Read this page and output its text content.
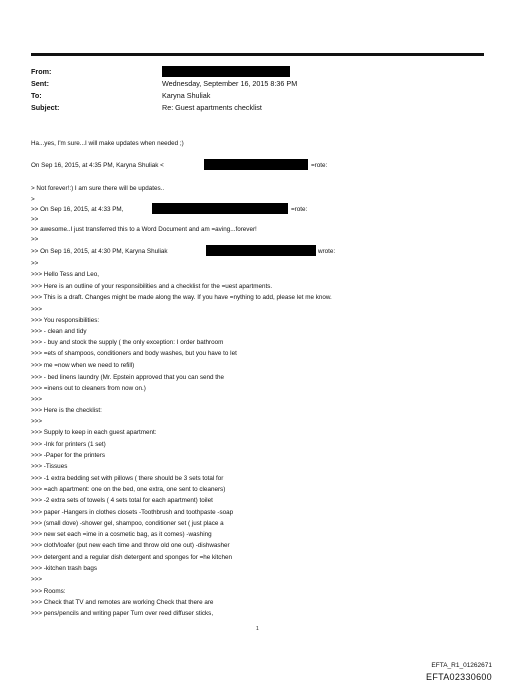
From:
Sent:	Wednesday, September 16, 2015 8:36 PM
To:	Karyna Shuliak
Subject:	Re: Guest apartments checklist
Ha...yes, I'm sure...I will make updates when needed ;)
On Sep 16, 2015, at 4:35 PM, Karyna Shuliak <	=rote:
> Not forever!:) I am sure there will be updates..
>
>> On Sep 16, 2015, at 4:33 PM,	=rote:
>>
>> awesome..I just transferred this to a Word Document and am =aving...forever!
>>
>> On Sep 16, 2015, at 4:30 PM, Karyna Shuliak	wrote:
>>
>>> Hello Tess and Leo,
>>> Here is an outline of your responsibilities and a checklist for the =uest apartments.
>>> This is a draft. Changes might be made along the way. If you have =nything to add, please let me know.
>>>
>>> You responsibilities:
>>> - clean and tidy
>>> - buy and stock the supply ( the only exception: I order bathroom
>>> =ets of shampoos, conditioners and body washes, but you have to let
>>> me =now when we need to refill)
>>> - bed linens laundry (Mr. Epstein approved that you can send the
>>> =inens out to cleaners from now on.)
>>>
>>> Here is the checklist:
>>>
>>> Supply to keep in each guest apartment:
>>> -Ink for printers (1 set)
>>> -Paper for the printers
>>> -Tissues
>>> -1 extra bedding set with pillows ( there should be 3 sets total for
>>> =ach apartment: one on the bed, one extra, one sent to cleaners)
>>> -2 extra sets of towels ( 4 sets total for each apartment) toilet
>>> paper -Hangers in clothes closets -Toothbrush and toothpaste -soap
>>> (small dove) -shower gel, shampoo, conditioner set ( just place a
>>> new set each =ime in a cosmetic bag, as it comes) -washing
>>> cloth/loafer (put new each time and throw old one out) -dishwasher
>>> detergent and a regular dish detergent and sponges for =he kitchen
>>> -kitchen trash bags
>>>
>>> Rooms:
>>> Check that TV and remotes are working Check that there are
>>> pens/pencils and writing paper Turn over reed diffuser sticks,
1
EFTA_R1_01262671
EFTA02330600
